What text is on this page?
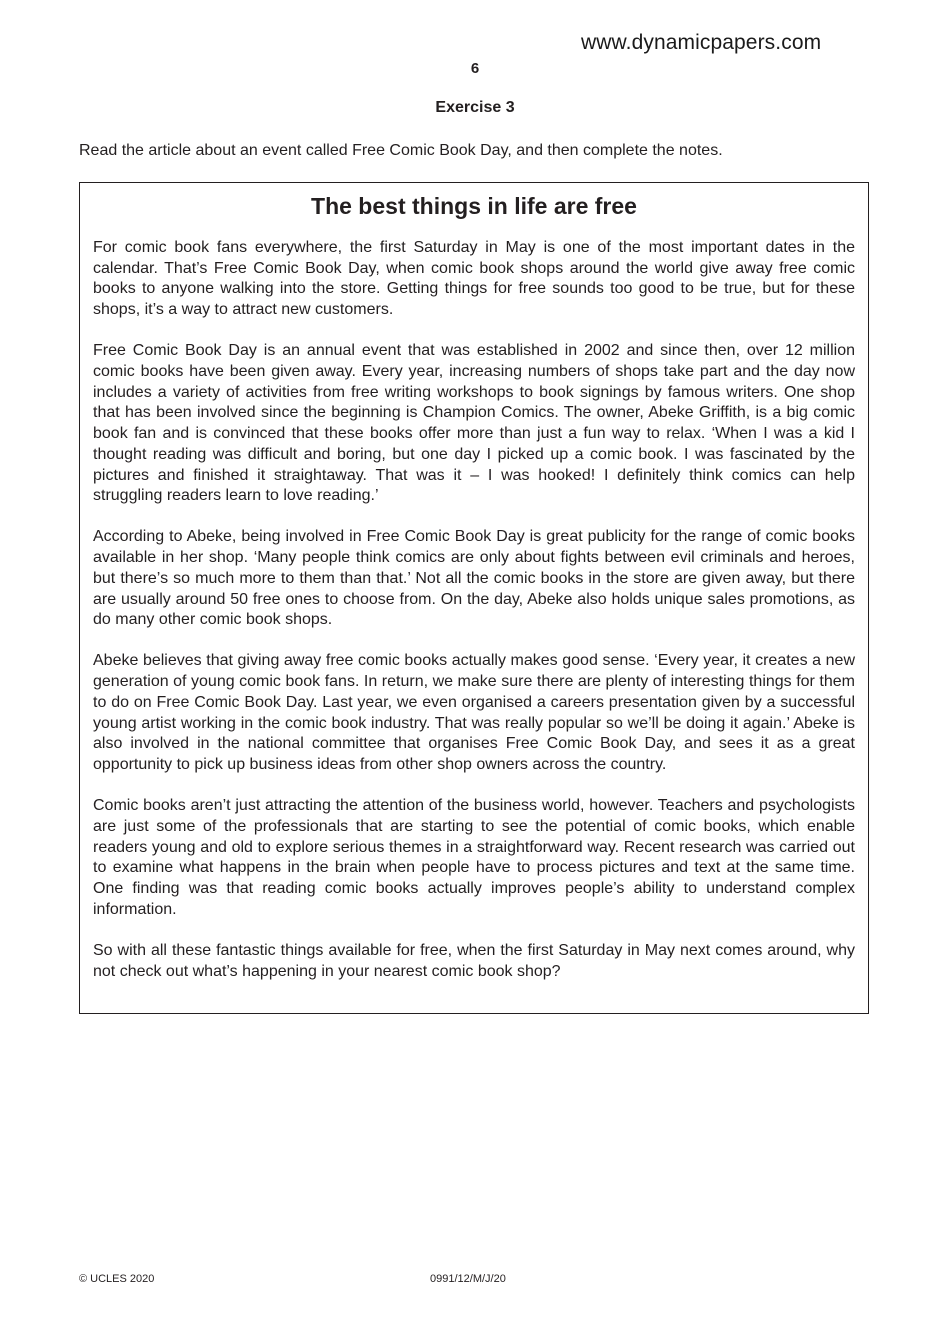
www.dynamicpapers.com
6
Exercise 3
Read the article about an event called Free Comic Book Day, and then complete the notes.
The best things in life are free

For comic book fans everywhere, the first Saturday in May is one of the most important dates in the calendar. That’s Free Comic Book Day, when comic book shops around the world give away free comic books to anyone walking into the store. Getting things for free sounds too good to be true, but for these shops, it’s a way to attract new customers.

Free Comic Book Day is an annual event that was established in 2002 and since then, over 12 million comic books have been given away. Every year, increasing numbers of shops take part and the day now includes a variety of activities from free writing workshops to book signings by famous writers. One shop that has been involved since the beginning is Champion Comics. The owner, Abeke Griffith, is a big comic book fan and is convinced that these books offer more than just a fun way to relax. ‘When I was a kid I thought reading was difficult and boring, but one day I picked up a comic book. I was fascinated by the pictures and finished it straightaway. That was it – I was hooked! I definitely think comics can help struggling readers learn to love reading.’

According to Abeke, being involved in Free Comic Book Day is great publicity for the range of comic books available in her shop. ‘Many people think comics are only about fights between evil criminals and heroes, but there’s so much more to them than that.’ Not all the comic books in the store are given away, but there are usually around 50 free ones to choose from. On the day, Abeke also holds unique sales promotions, as do many other comic book shops.

Abeke believes that giving away free comic books actually makes good sense. ‘Every year, it creates a new generation of young comic book fans. In return, we make sure there are plenty of interesting things for them to do on Free Comic Book Day. Last year, we even organised a careers presentation given by a successful young artist working in the comic book industry. That was really popular so we’ll be doing it again.’ Abeke is also involved in the national committee that organises Free Comic Book Day, and sees it as a great opportunity to pick up business ideas from other shop owners across the country.

Comic books aren’t just attracting the attention of the business world, however. Teachers and psychologists are just some of the professionals that are starting to see the potential of comic books, which enable readers young and old to explore serious themes in a straightforward way. Recent research was carried out to examine what happens in the brain when people have to process pictures and text at the same time. One finding was that reading comic books actually improves people’s ability to understand complex information.

So with all these fantastic things available for free, when the first Saturday in May next comes around, why not check out what’s happening in your nearest comic book shop?

© UCLES 2020	0991/12/M/J/20
